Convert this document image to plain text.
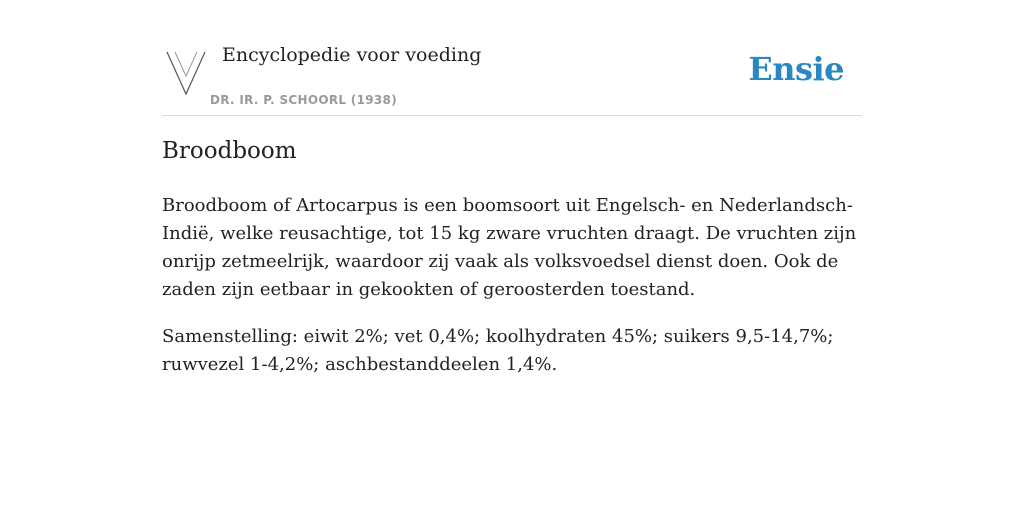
Encyclopedie voor voeding
DR. IR. P. SCHOORL (1938)
Ensie
Broodboom

Broodboom of Artocarpus is een boomsoort uit Engelsch- en Nederlandsch-Indië, welke reusachtige, tot 15 kg zware vruchten draagt. De vruchten zijn onrijp zetmeelrijk, waardoor zij vaak als volksvoedsel dienst doen. Ook de zaden zijn eetbaar in gekookten of geroosterden toestand.

Samenstelling: eiwit 2%; vet 0,4%; koolhydraten 45%; suikers 9,5-14,7%; ruwvezel 1-4,2%; aschbestanddeelen 1,4%.
